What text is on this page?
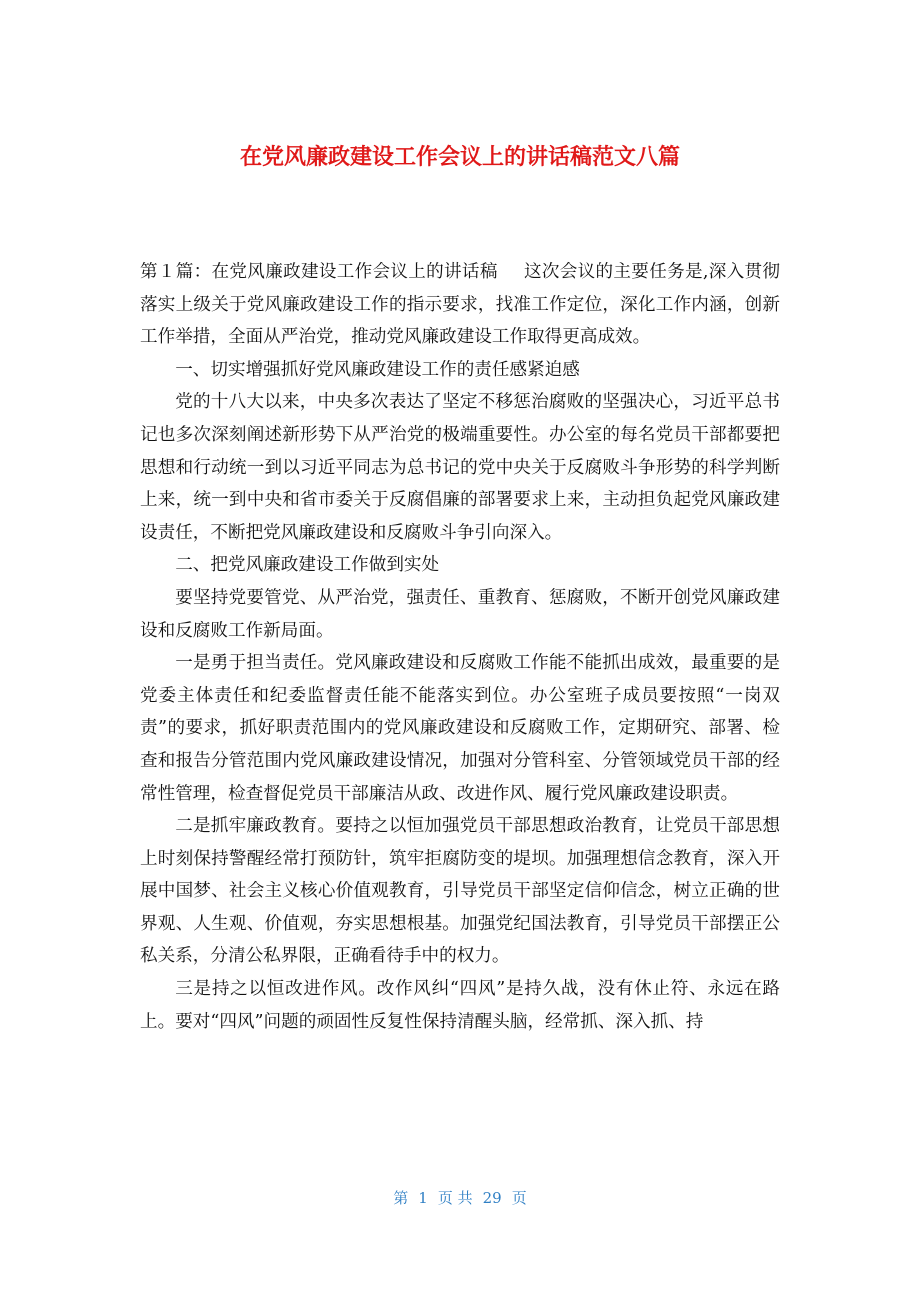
在党风廉政建设工作会议上的讲话稿范文八篇

第１篇：在党风廉政建设工作会议上的讲话稿 这次会议的主要任务是,深入贯彻落实上级关于党风廉政建设工作的指示要求，找准工作定位，深化工作内涵，创新工作举措，全面从严治党，推动党风廉政建设工作取得更高成效。

一、切实增强抓好党风廉政建设工作的责任感紧迫感

党的十八大以来，中央多次表达了坚定不移惩治腐败的坚强决心，习近平总书记也多次深刻阐述新形势下从严治党的极端重要性。办公室的每名党员干部都要把思想和行动统一到以习近平同志为总书记的党中央关于反腐败斗争形势的科学判断上来，统一到中央和省市委关于反腐倡廉的部署要求上来，主动担负起党风廉政建设责任，不断把党风廉政建设和反腐败斗争引向深入。

二、把党风廉政建设工作做到实处

要坚持党要管党、从严治党，强责任、重教育、惩腐败，不断开创党风廉政建设和反腐败工作新局面。

一是勇于担当责任。党风廉政建设和反腐败工作能不能抓出成效，最重要的是党委主体责任和纪委监督责任能不能落实到位。办公室班子成员要按照“一岗双责”的要求，抓好职责范围内的党风廉政建设和反腐败工作，定期研究、部署、检查和报告分管范围内党风廉政建设情况，加强对分管科室、分管领域党员干部的经常性管理，检查督促党员干部廉洁从政、改进作风、履行党风廉政建设职责。

二是抓牢廉政教育。要持之以恒加强党员干部思想政治教育，让党员干部思想上时刻保持警醒经常打预防针，筑牢拒腐防变的堤坝。加强理想信念教育，深入开展中国梦、社会主义核心价值观教育，引导党员干部坚定信仰信念，树立正确的世界观、人生观、价值观，夯实思想根基。加强党纪国法教育，引导党员干部摆正公私关系，分清公私界限，正确看待手中的权力。

三是持之以恒改进作风。改作风纠“四风”是持久战，没有休止符、永远在路上。要对“四风”问题的顽固性反复性保持清醒头脑，经常抓、深入抓、持

第 1 页 共 29 页
